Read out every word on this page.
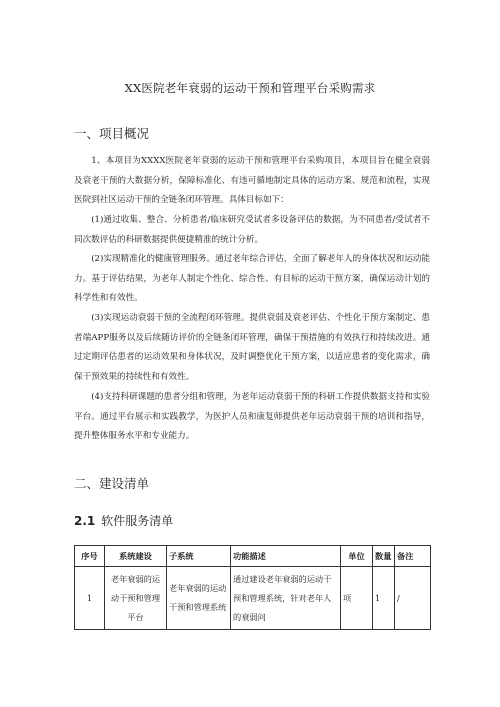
XX医院老年衰弱的运动干预和管理平台采购需求
一、项目概况

1、本项目为XXXX医院老年衰弱的运动干预和管理平台采购项目，本项目旨在健全衰弱及衰老干预的大数据分析，保障标准化、有违可循地制定具体的运动方案、规范和流程，实现医院到社区运动干预的全链条闭环管理。具体目标如下：

(1)通过收集、整合、分析患者/临床研究受试者多设备评估的数据，为不同患者/受试者不同次数评估的科研数据提供便捷精准的统计分析。

(2)实现精准化的健康管理服务。通过老年综合评估，全面了解老年人的身体状况和运动能力。基于评估结果，为老年人制定个性化、综合性、有目标的运动干预方案，确保运动计划的科学性和有效性。

(3)实现运动衰弱干预的全流程闭环管理。提供衰弱及衰老评估、个性化干预方案制定、患者端APP服务以及后续随访评价的全链条闭环管理，确保干预措施的有效执行和持续改进。通过定期评估患者的运动效果和身体状况，及时调整优化干预方案，以适应患者的变化需求，确保干预效果的持续性和有效性。

(4)支持科研课题的患者分组和管理，为老年运动衰弱干预的科研工作提供数据支持和实验平台。通过平台展示和实践教学，为医护人员和康复师提供老年运动衰弱干预的培训和指导，提升整体服务水平和专业能力。

二、建设清单
2.1 软件服务清单
序号	系统建设	子系统	功能描述	单位	数量	备注
1	老年衰弱的运动干预和管理平台	老年衰弱的运动干预和管理系统	通过建设老年衰弱的运动干预和管理系统，针对老年人的衰弱问	项	1	/
